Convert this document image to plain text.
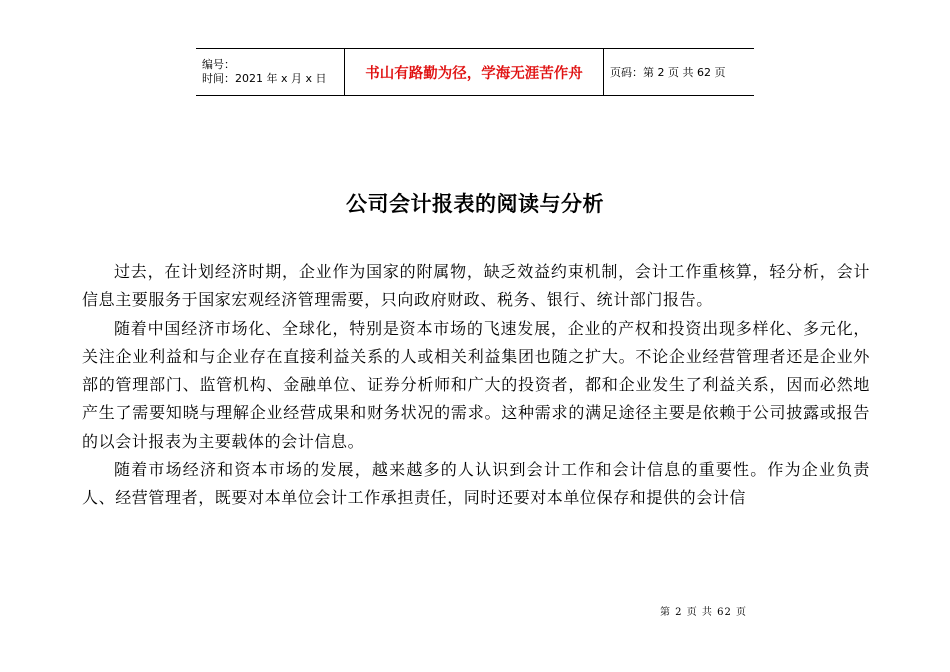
编号：
时间：2021 年 x 月 x 日	书山有路勤为径，学海无涯苦作舟	页码：第 2 页 共 62 页
公司会计报表的阅读与分析

过去，在计划经济时期，企业作为国家的附属物，缺乏效益约束机制，会计工作重核算，轻分析，会计信息主要服务于国家宏观经济管理需要，只向政府财政、税务、银行、统计部门报告。

随着中国经济市场化、全球化，特别是资本市场的飞速发展，企业的产权和投资出现多样化、多元化，关注企业利益和与企业存在直接利益关系的人或相关利益集团也随之扩大。不论企业经营管理者还是企业外部的管理部门、监管机构、金融单位、证券分析师和广大的投资者，都和企业发生了利益关系，因而必然地产生了需要知晓与理解企业经营成果和财务状况的需求。这种需求的满足途径主要是依赖于公司披露或报告的以会计报表为主要载体的会计信息。

随着市场经济和资本市场的发展，越来越多的人认识到会计工作和会计信息的重要性。作为企业负责人、经营管理者，既要对本单位会计工作承担责任，同时还要对本单位保存和提供的会计信

第 2 页 共 62 页
